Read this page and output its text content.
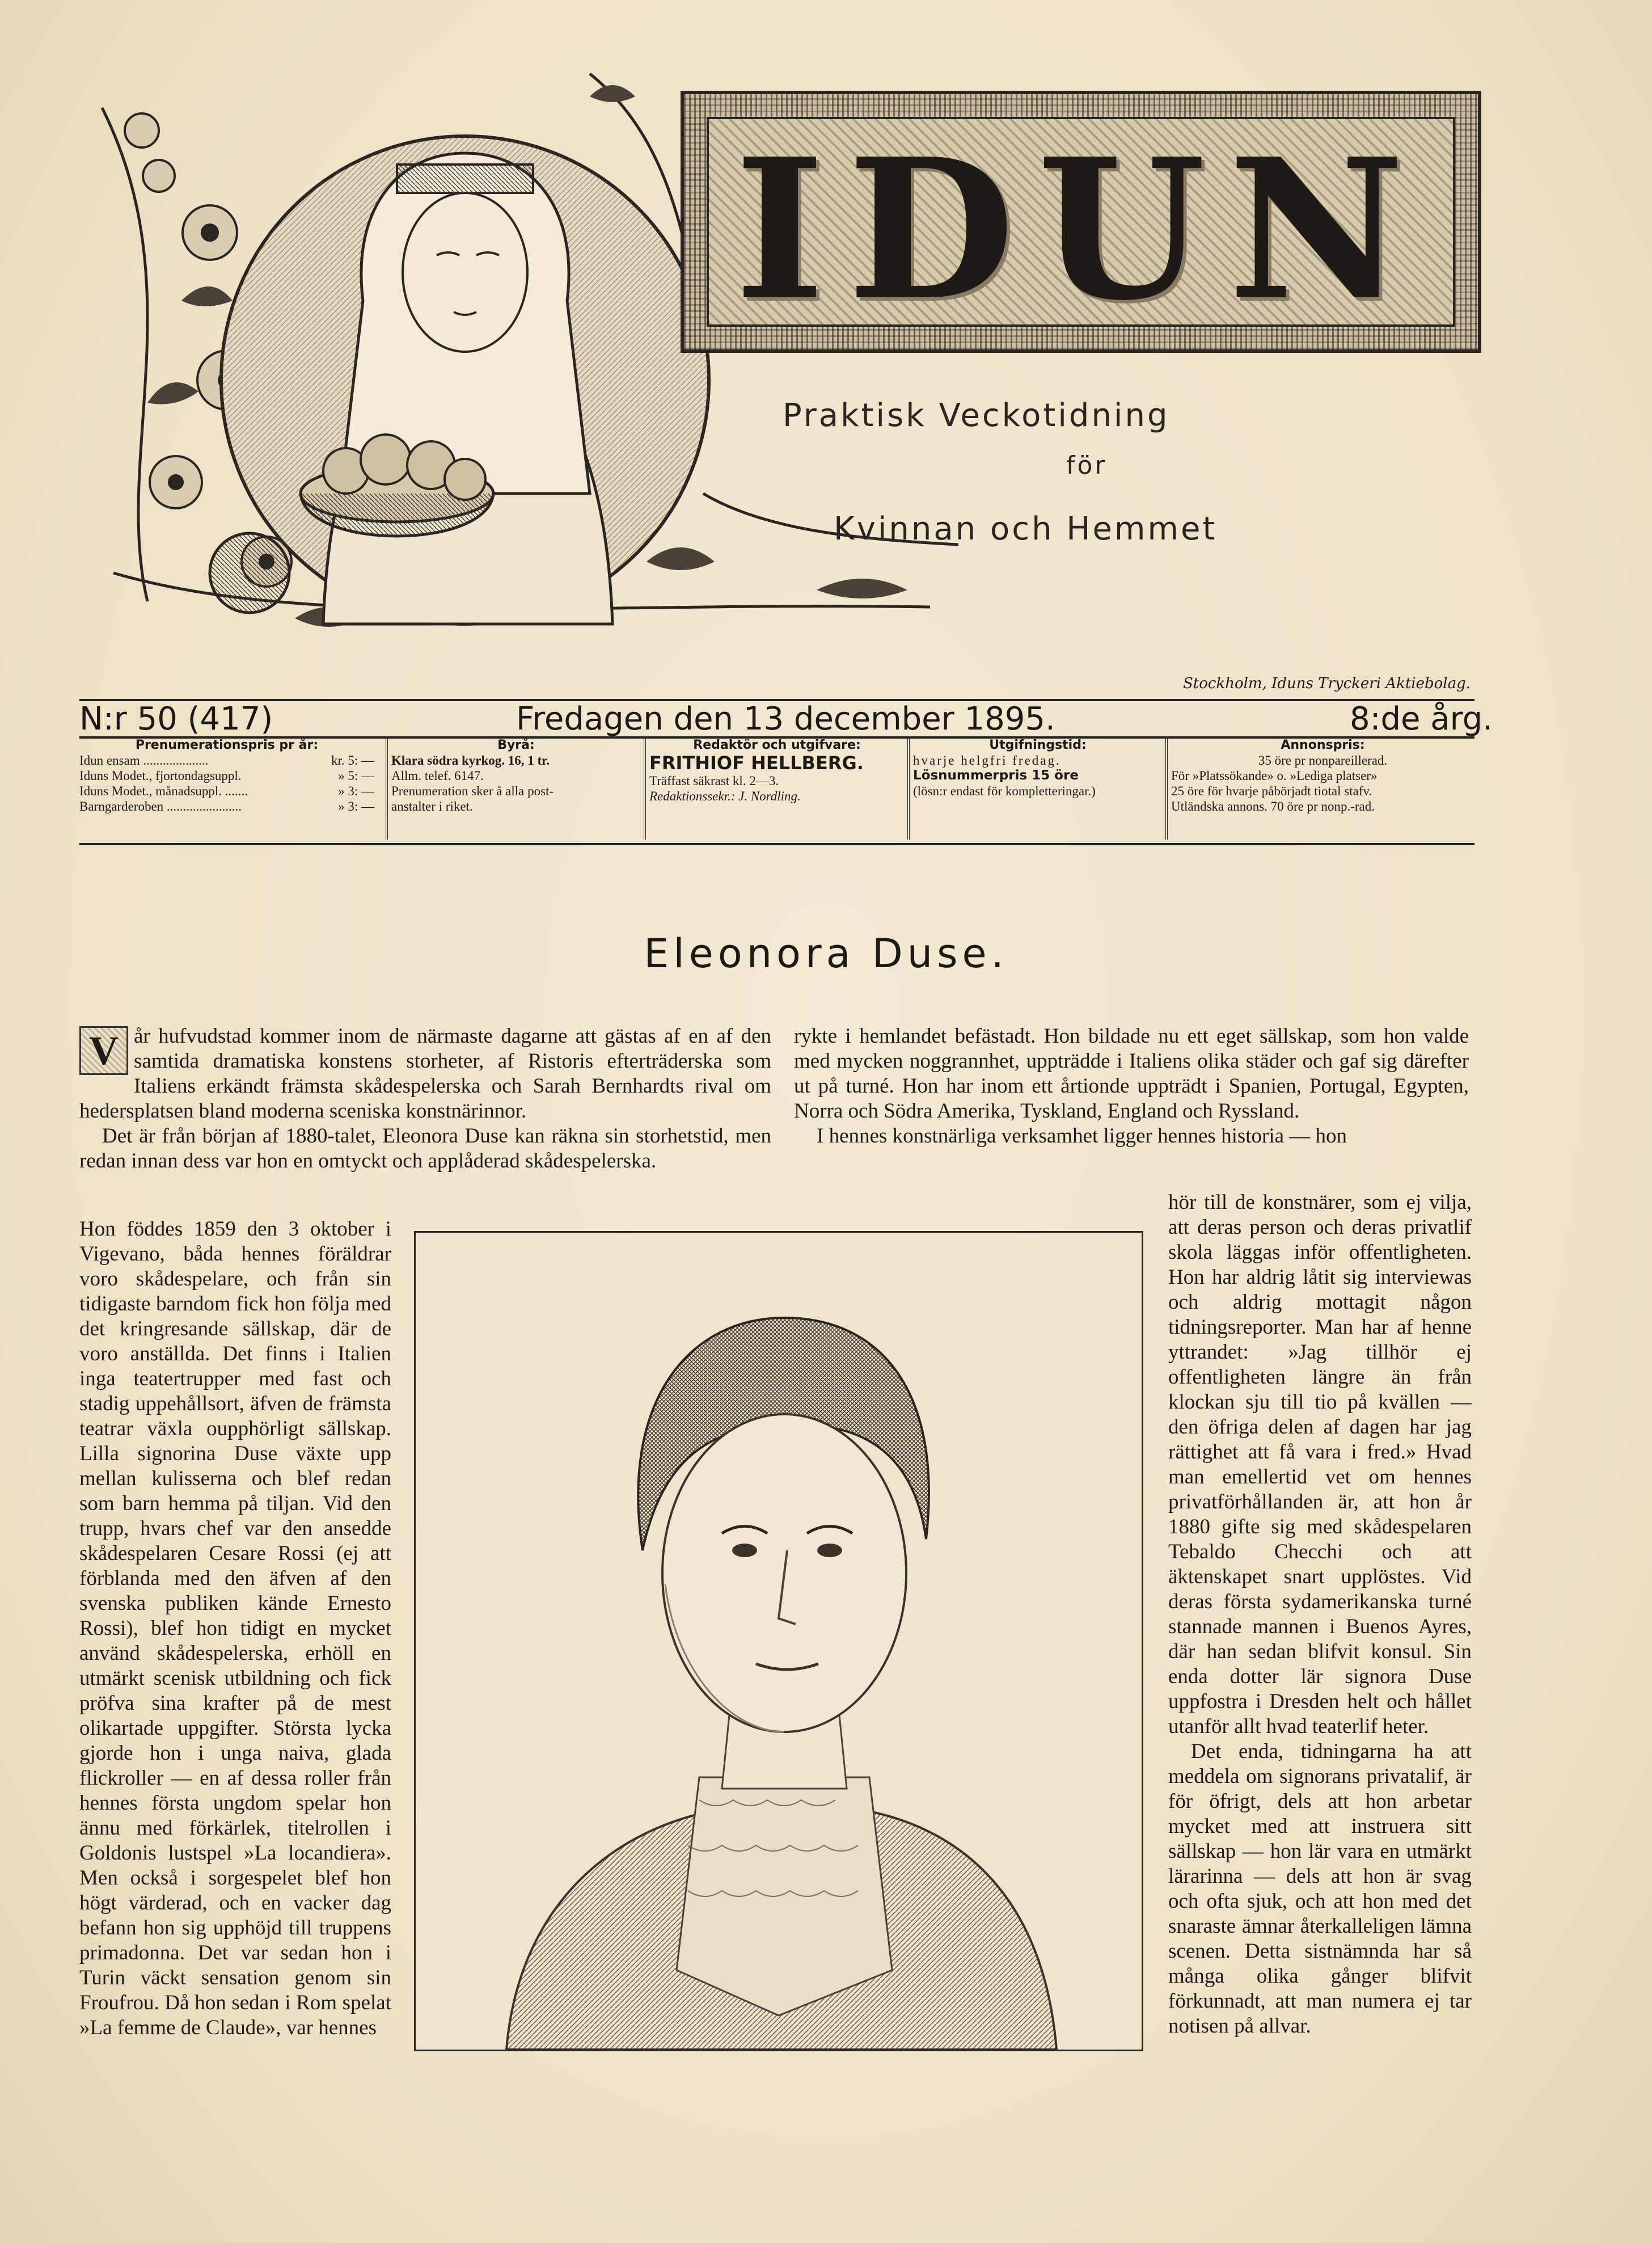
IDUN
Praktisk Veckotidning
för
Kvinnan och Hemmet
Stockholm, Iduns Tryckeri Aktiebolag.
N:r 50 (417)	Fredagen den 13 december 1895.	8:de årg.
Prenumerationspris pr år:
Idun ensam ....................	kr. 5: —
Iduns Modet., fjortondagsuppl.	» 5: —
Iduns Modet., månadsuppl. .......	» 3: —
Barngarderoben .......................	» 3: —
Byrå:
Klara södra kyrkog. 16, 1 tr.
Allm. telef. 6147.
Prenumeration sker å alla post-
anstalter i riket.
Redaktör och utgifvare:
FRITHIOF HELLBERG.
Träffast säkrast kl. 2—3.
Redaktionssekr.: J. Nordling.
Utgifningstid:
hvarje helgfri fredag.
Lösnummerpris 15 öre
(lösn:r endast för kompletteringar.)
Annonspris:
35 öre pr nonpareillerad.
För »Platssökande» o. »Lediga platser»
25 öre för hvarje påbörjadt tiotal stafv.
Utländska annons. 70 öre pr nonp.-rad.
Eleonora Duse.
V år hufvudstad kommer inom de närmaste dagarne att gästas af en af den samtida dramatiska konstens storheter, af Ristoris efterträderska som Italiens erkändt främsta skådespelerska och Sarah Bernhardts rival om hedersplatsen bland moderna sceniska konstnärinnor.

Det är från början af 1880-talet, Eleonora Duse kan räkna sin storhetstid, men redan innan dess var hon en omtyckt och applåderad skådespelerska.

Hon föddes 1859 den 3 oktober i Vigevano, båda hennes föräldrar voro skådespelare, och från sin tidigaste barndom fick hon följa med det kringresande sällskap, där de voro anställda. Det finns i Italien inga teatertrupper med fast och stadig uppehållsort, äfven de främsta teatrar växla oupphörligt sällskap. Lilla signorina Duse växte upp mellan kulisserna och blef redan som barn hemma på tiljan. Vid den trupp, hvars chef var den ansedde skådespelaren Cesare Rossi (ej att förblanda med den äfven af den svenska publiken kände Ernesto Rossi), blef hon tidigt en mycket använd skådespelerska, erhöll en utmärkt scenisk utbildning och fick pröfva sina krafter på de mest olikartade uppgifter. Största lycka gjorde hon i unga naiva, glada flickroller — en af dessa roller från hennes första ungdom spelar hon ännu med förkärlek, titelrollen i Goldonis lustspel »La locandiera». Men också i sorgespelet blef hon högt värderad, och en vacker dag befann hon sig upphöjd till truppens primadonna. Det var sedan hon i Turin väckt sensation genom sin Froufrou. Då hon sedan i Rom spelat »La femme de Claude», var hennes

rykte i hemlandet befästadt. Hon bildade nu ett eget sällskap, som hon valde med mycken noggrannhet, uppträdde i Italiens olika städer och gaf sig därefter ut på turné. Hon har inom ett årtionde uppträdt i Spanien, Portugal, Egypten, Norra och Södra Amerika, Tyskland, England och Ryssland.

I hennes konstnärliga verksamhet ligger hennes historia — hon

hör till de konstnärer, som ej vilja, att deras person och deras privatlif skola läggas inför offentligheten. Hon har aldrig låtit sig interviewas och aldrig mottagit någon tidningsreporter. Man har af henne yttrandet: »Jag tillhör ej offentligheten längre än från klockan sju till tio på kvällen — den öfriga delen af dagen har jag rättighet att få vara i fred.» Hvad man emellertid vet om hennes privatförhållanden är, att hon år 1880 gifte sig med skådespelaren Tebaldo Checchi och att äktenskapet snart upplöstes. Vid deras första sydamerikanska turné stannade mannen i Buenos Ayres, där han sedan blifvit konsul. Sin enda dotter lär signora Duse uppfostra i Dresden helt och hållet utanför allt hvad teaterlif heter.

Det enda, tidningarna ha att meddela om signorans privatalif, är för öfrigt, dels att hon arbetar mycket med att instruera sitt sällskap — hon lär vara en utmärkt lärarinna — dels att hon är svag och ofta sjuk, och att hon med det snaraste ämnar återkalleligen lämna scenen. Detta sistnämnda har så många olika gånger blifvit förkunnadt, att man numera ej tar notisen på allvar.
